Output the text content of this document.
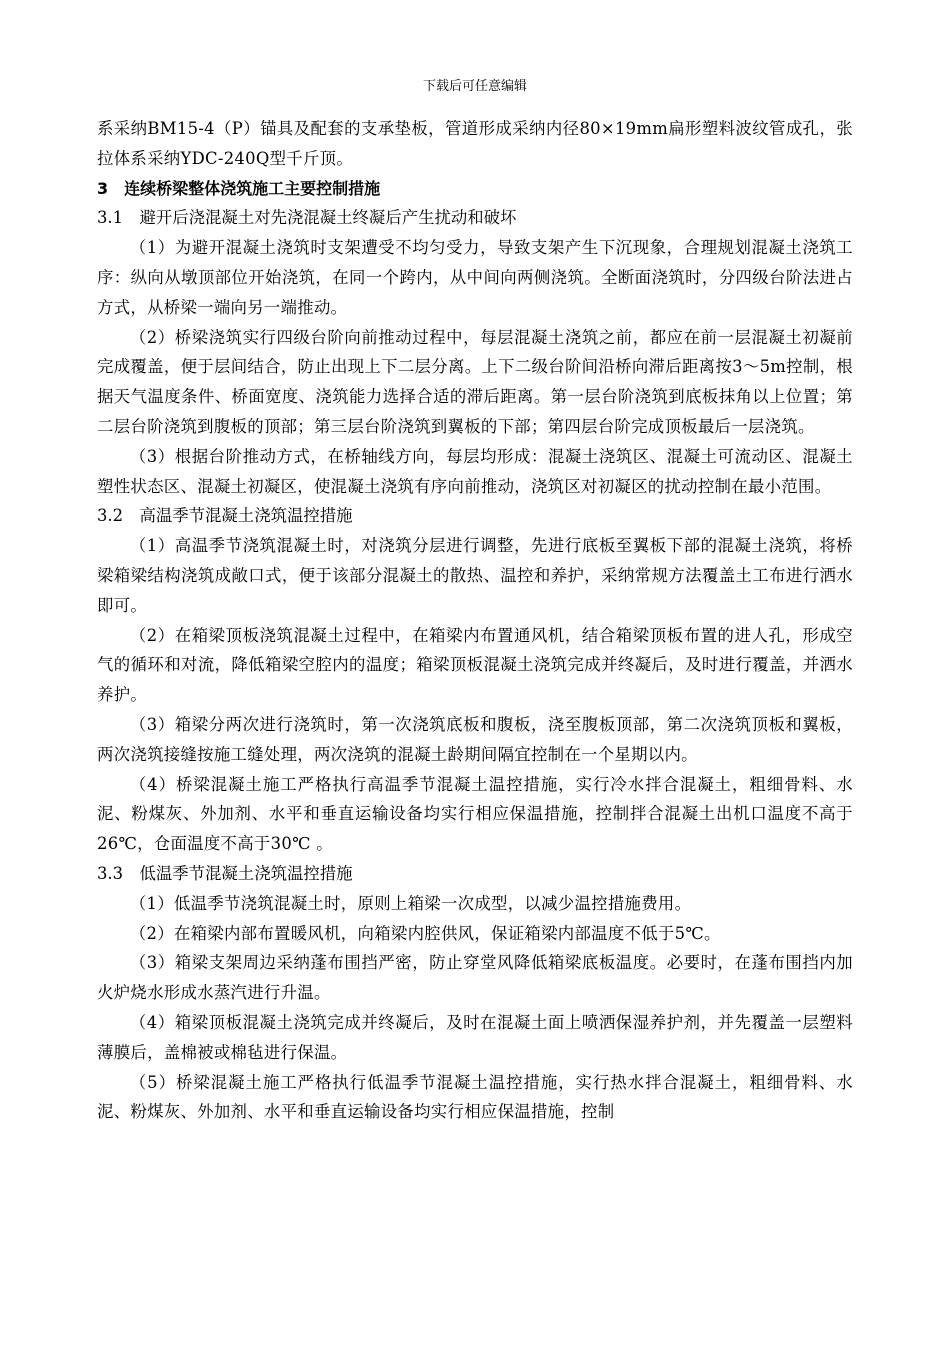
下载后可任意编辑

系采纳BM15-4（P）锚具及配套的支承垫板，管道形成采纳内径80×19mm扁形塑料波纹管成孔，张拉体系采纳YDC-240Q型千斤顶。

3　连续桥梁整体浇筑施工主要控制措施

3.1　避开后浇混凝土对先浇混凝土终凝后产生扰动和破坏

（1）为避开混凝土浇筑时支架遭受不均匀受力，导致支架产生下沉现象，合理规划混凝土浇筑工序：纵向从墩顶部位开始浇筑，在同一个跨内，从中间向两侧浇筑。全断面浇筑时，分四级台阶法进占方式，从桥梁一端向另一端推动。

（2）桥梁浇筑实行四级台阶向前推动过程中，每层混凝土浇筑之前，都应在前一层混凝土初凝前完成覆盖，便于层间结合，防止出现上下二层分离。上下二级台阶间沿桥向滞后距离按3～5m控制，根据天气温度条件、桥面宽度、浇筑能力选择合适的滞后距离。第一层台阶浇筑到底板抹角以上位置；第二层台阶浇筑到腹板的顶部；第三层台阶浇筑到翼板的下部；第四层台阶完成顶板最后一层浇筑。

（3）根据台阶推动方式，在桥轴线方向，每层均形成：混凝土浇筑区、混凝土可流动区、混凝土塑性状态区、混凝土初凝区，使混凝土浇筑有序向前推动，浇筑区对初凝区的扰动控制在最小范围。

3.2　高温季节混凝土浇筑温控措施

（1）高温季节浇筑混凝土时，对浇筑分层进行调整，先进行底板至翼板下部的混凝土浇筑，将桥梁箱梁结构浇筑成敞口式，便于该部分混凝土的散热、温控和养护，采纳常规方法覆盖土工布进行洒水即可。

（2）在箱梁顶板浇筑混凝土过程中，在箱梁内布置通风机，结合箱梁顶板布置的进人孔，形成空气的循环和对流，降低箱梁空腔内的温度；箱梁顶板混凝土浇筑完成并终凝后，及时进行覆盖，并洒水养护。

（3）箱梁分两次进行浇筑时，第一次浇筑底板和腹板，浇至腹板顶部，第二次浇筑顶板和翼板，两次浇筑接缝按施工缝处理，两次浇筑的混凝土龄期间隔宜控制在一个星期以内。

（4）桥梁混凝土施工严格执行高温季节混凝土温控措施，实行冷水拌合混凝土，粗细骨料、水泥、粉煤灰、外加剂、水平和垂直运输设备均实行相应保温措施，控制拌合混凝土出机口温度不高于26℃，仓面温度不高于30℃ 。

3.3　低温季节混凝土浇筑温控措施

（1）低温季节浇筑混凝土时，原则上箱梁一次成型，以减少温控措施费用。

（2）在箱梁内部布置暖风机，向箱梁内腔供风，保证箱梁内部温度不低于5℃。

（3）箱梁支架周边采纳蓬布围挡严密，防止穿堂风降低箱梁底板温度。必要时，在蓬布围挡内加火炉烧水形成水蒸汽进行升温。

（4）箱梁顶板混凝土浇筑完成并终凝后，及时在混凝土面上喷洒保湿养护剂，并先覆盖一层塑料薄膜后，盖棉被或棉毡进行保温。

（5）桥梁混凝土施工严格执行低温季节混凝土温控措施，实行热水拌合混凝土，粗细骨料、水泥、粉煤灰、外加剂、水平和垂直运输设备均实行相应保温措施，控制
